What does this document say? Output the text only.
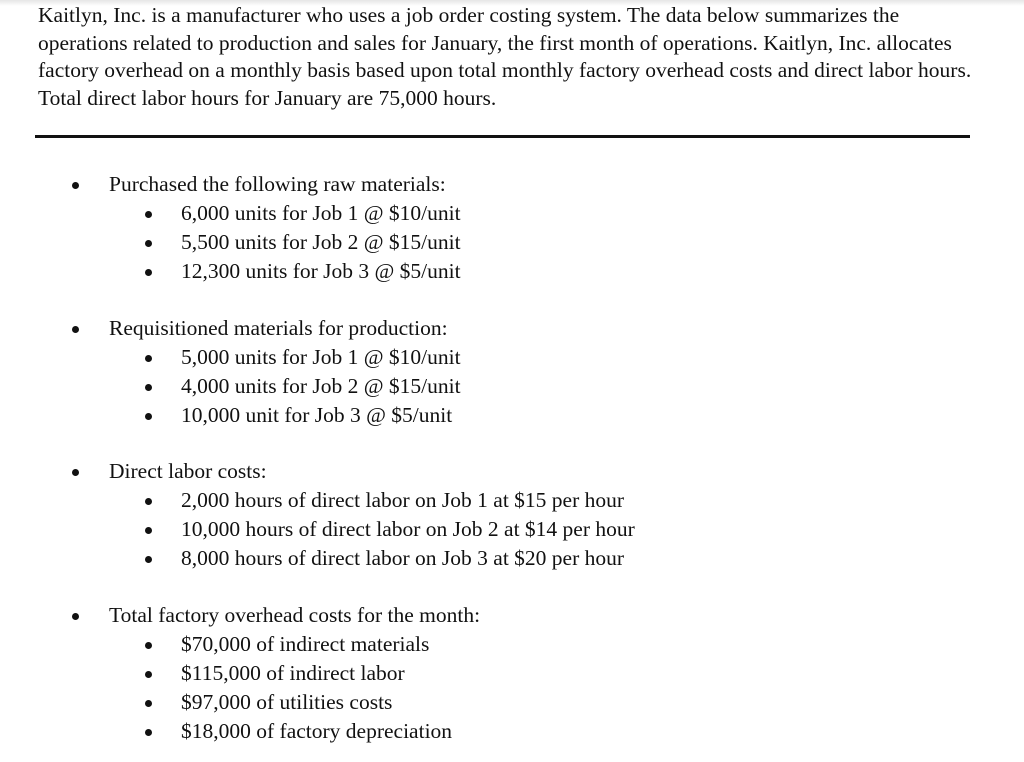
Kaitlyn, Inc. is a manufacturer who uses a job order costing system. The data below summarizes the operations related to production and sales for January, the first month of operations. Kaitlyn, Inc. allocates factory overhead on a monthly basis based upon total monthly factory overhead costs and direct labor hours. Total direct labor hours for January are 75,000 hours.

Purchased the following raw materials:
6,000 units for Job 1 @ $10/unit
5,500 units for Job 2 @ $15/unit
12,300 units for Job 3 @ $5/unit
Requisitioned materials for production:
5,000 units for Job 1 @ $10/unit
4,000 units for Job 2 @ $15/unit
10,000 unit for Job 3 @ $5/unit
Direct labor costs:
2,000 hours of direct labor on Job 1 at $15 per hour
10,000 hours of direct labor on Job 2 at $14 per hour
8,000 hours of direct labor on Job 3 at $20 per hour
Total factory overhead costs for the month:
$70,000 of indirect materials
$115,000 of indirect labor
$97,000 of utilities costs
$18,000 of factory depreciation
